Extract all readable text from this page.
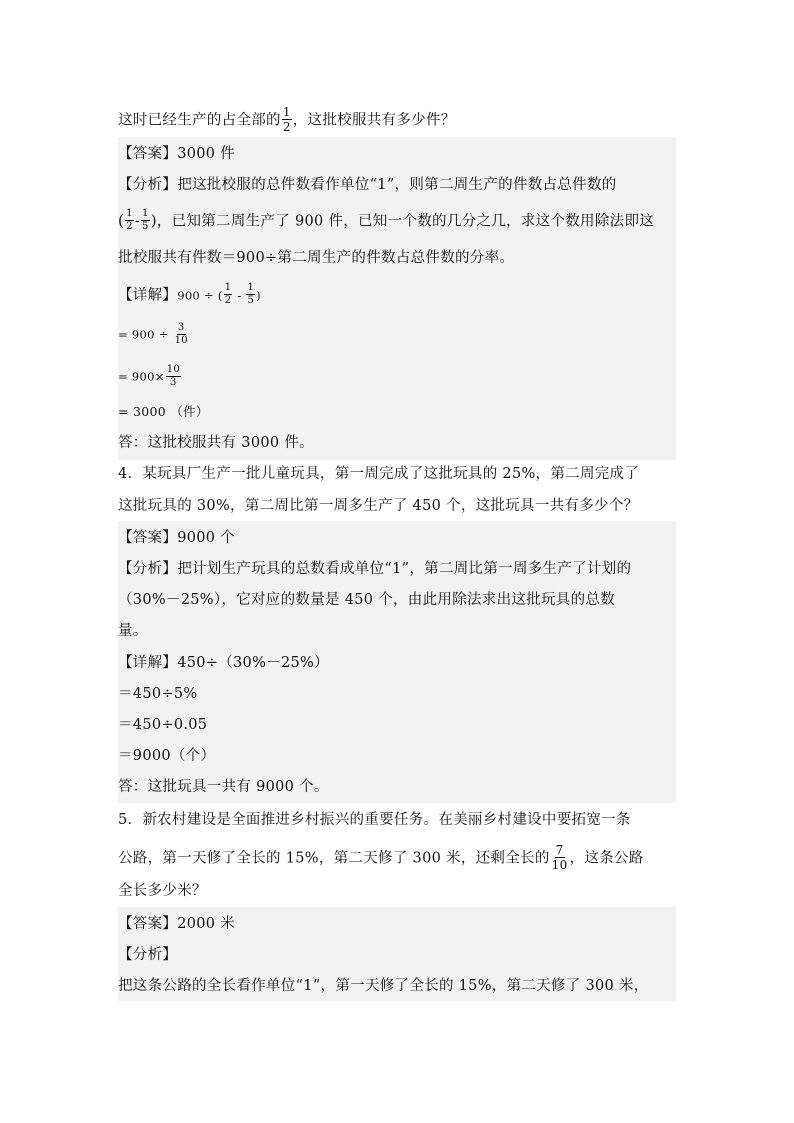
这时已经生产的占全部的 $\frac{1}{2}$ ，这批校服共有多少件？
【答案】3000 件
【分析】把这批校服的总件数看作单位“1”，则第二周生产的件数占总件数的
( $\frac{1}{2} - \frac{1}{5}$ )，已知第二周生产了 900 件，已知一个数的几分之几，求这个数用除法即这
批校服共有件数＝900÷第二周生产的件数占总件数的分率。
【详解】900 ÷ ( $\frac{1}{2} - \frac{1}{5}$ )
= $900 \div \frac{3}{10}$
= $900\times \frac{10}{3}$
= 3000 （件）
答：这批校服共有 3000 件。
4．某玩具厂生产一批儿童玩具，第一周完成了这批玩具的 25%，第二周完成了
这批玩具的 30%，第二周比第一周多生产了 450 个，这批玩具一共有多少个？
【答案】9000 个
【分析】把计划生产玩具的总数看成单位“1”，第二周比第一周多生产了计划的
（30%－25%），它对应的数量是 450 个，由此用除法求出这批玩具的总数
量。
【详解】450÷（30%－25%）
＝450÷5%
＝450÷0.05
＝9000（个）
答：这批玩具一共有 9000 个。
5．新农村建设是全面推进乡村振兴的重要任务。在美丽乡村建设中要拓宽一条
公路，第一天修了全长的 15%，第二天修了 300 米，还剩全长的 $\frac{7}{10}$ ，这条公路
全长多少米？
【答案】2000 米
【分析】
把这条公路的全长看作单位“1”，第一天修了全长的 15%，第二天修了 300 米，
